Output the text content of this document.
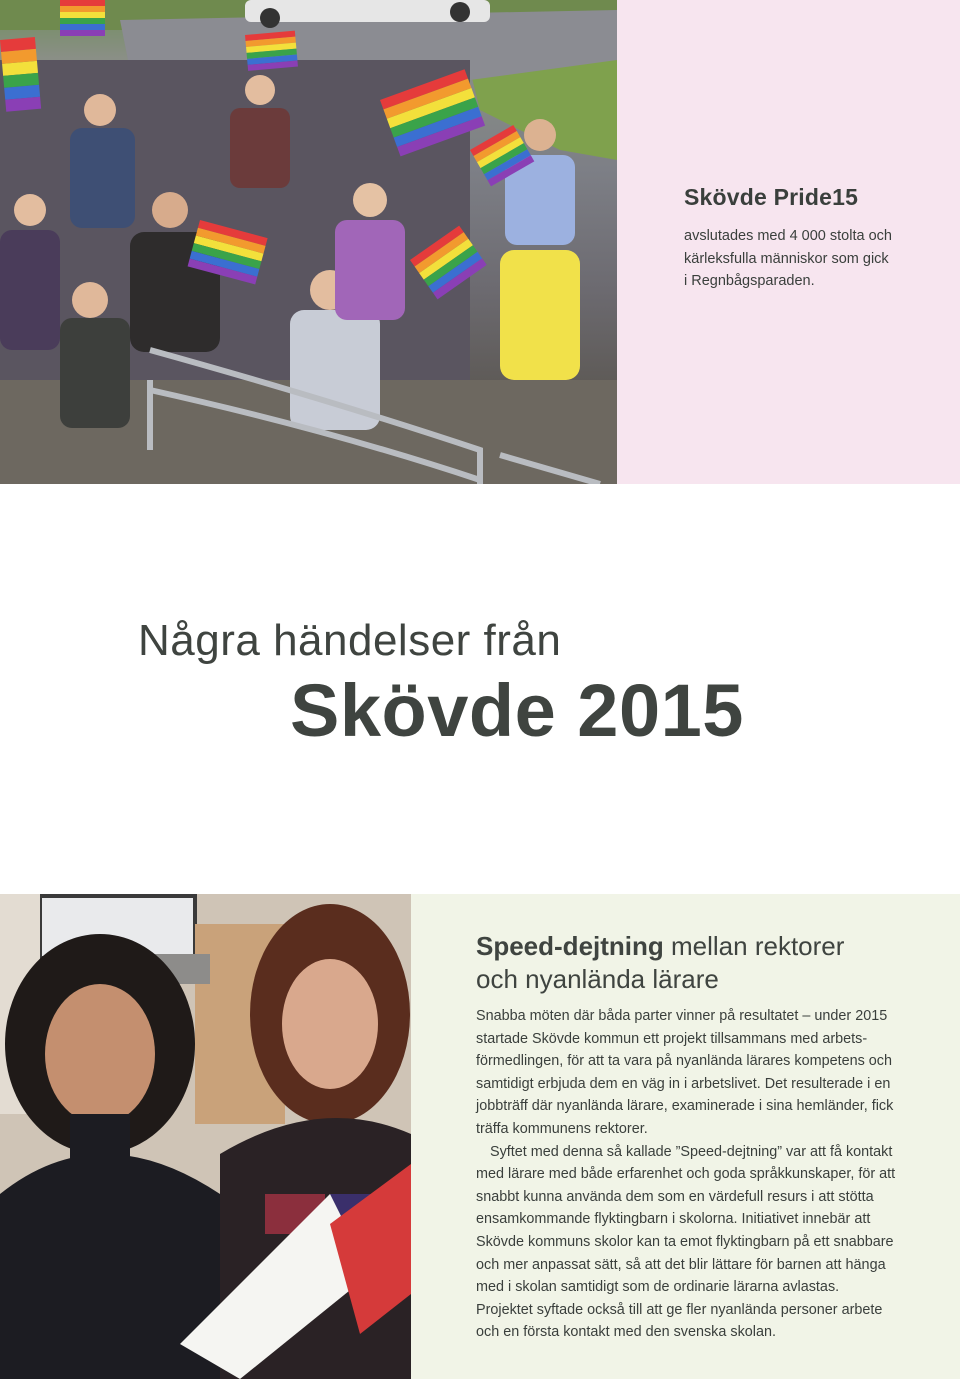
Skövde Pride15
avslutades med 4 000 stolta och
kärleksfulla människor som gick
i Regnbågsparaden.
Några händelser från
Skövde 2015
Speed-dejtning mellan rektorer
och nyanlända lärare

Snabba möten där båda parter vinner på resultatet – under 2015 startade Skövde kommun ett projekt tillsammans med arbets-förmedlingen, för att ta vara på nyanlända lärares kompetens och samtidigt erbjuda dem en väg in i arbetslivet. Det resulterade i en jobbträff där nyanlända lärare, examinerade i sina hemländer, fick träffa kommunens rektorer.

Syftet med denna så kallade ”Speed-dejtning” var att få kontakt med lärare med både erfarenhet och goda språkkunskaper, för att snabbt kunna använda dem som en värdefull resurs i att stötta ensamkommande flyktingbarn i skolorna. Initiativet innebär att Skövde kommuns skolor kan ta emot flyktingbarn på ett snabbare och mer anpassat sätt, så att det blir lättare för barnen att hänga med i skolan samtidigt som de ordinarie lärarna avlastas. Projektet syftade också till att ge fler nyanlända personer arbete och en första kontakt med den svenska skolan.
